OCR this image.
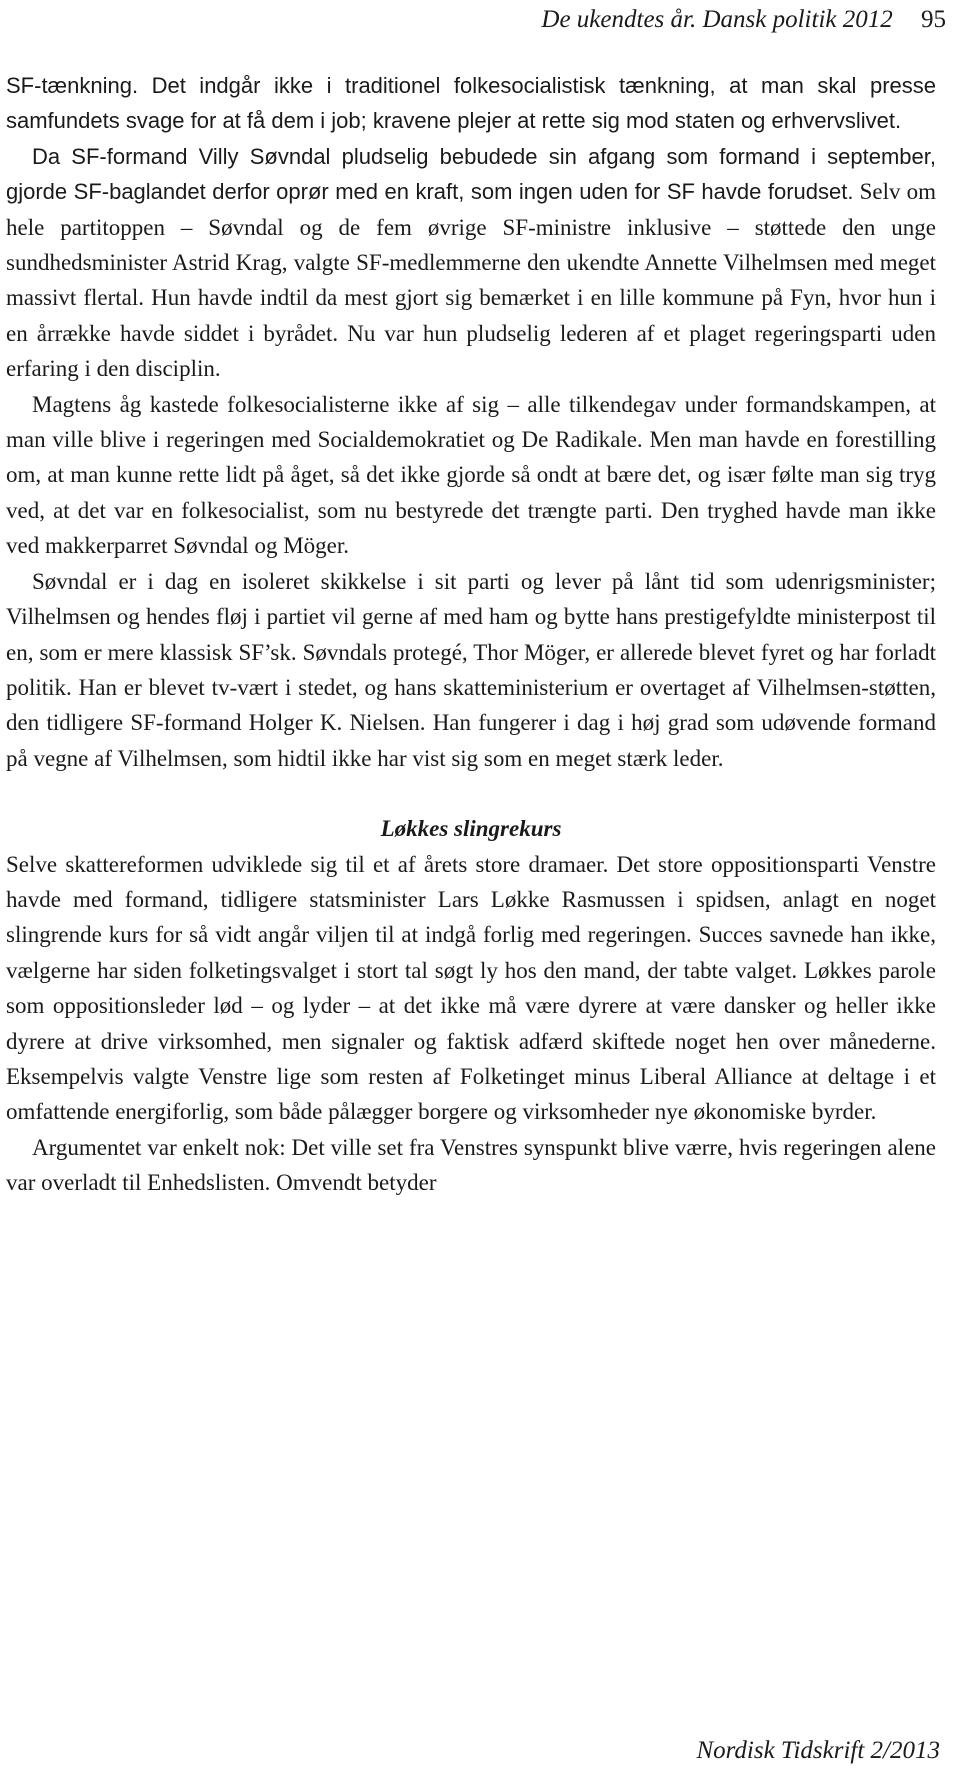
De ukendtes år. Dansk politik 2012 95

SF-tænkning. Det indgår ikke i traditionel folkesocialistisk tænkning, at man skal presse samfundets svage for at få dem i job; kravene plejer at rette sig mod staten og erhvervslivet.

Da SF-formand Villy Søvndal pludselig bebudede sin afgang som formand i september, gjorde SF-baglandet derfor oprør med en kraft, som ingen uden for SF havde forudset. Selv om hele partitoppen – Søvndal og de fem øvrige SF-ministre inklusive – støttede den unge sundhedsminister Astrid Krag, valgte SF-medlemmerne den ukendte Annette Vilhelmsen med meget massivt flertal. Hun havde indtil da mest gjort sig bemærket i en lille kommune på Fyn, hvor hun i en årrække havde siddet i byrådet. Nu var hun pludselig lederen af et plaget regeringsparti uden erfaring i den disciplin.

Magtens åg kastede folkesocialisterne ikke af sig – alle tilkendegav under formandskampen, at man ville blive i regeringen med Socialdemokratiet og De Radikale. Men man havde en forestilling om, at man kunne rette lidt på åget, så det ikke gjorde så ondt at bære det, og især følte man sig tryg ved, at det var en folkesocialist, som nu bestyrede det trængte parti. Den tryghed havde man ikke ved makkerparret Søvndal og Möger.

Søvndal er i dag en isoleret skikkelse i sit parti og lever på lånt tid som udenrigsminister; Vilhelmsen og hendes fløj i partiet vil gerne af med ham og bytte hans prestigefyldte ministerpost til en, som er mere klassisk SF’sk. Søvndals protegé, Thor Möger, er allerede blevet fyret og har forladt politik. Han er blevet tv-vært i stedet, og hans skatteministerium er overtaget af Vilhelmsen-støtten, den tidligere SF-formand Holger K. Nielsen. Han fungerer i dag i høj grad som udøvende formand på vegne af Vilhelmsen, som hidtil ikke har vist sig som en meget stærk leder.

Løkkes slingrekurs

Selve skattereformen udviklede sig til et af årets store dramaer. Det store oppositionsparti Venstre havde med formand, tidligere statsminister Lars Løkke Rasmussen i spidsen, anlagt en noget slingrende kurs for så vidt angår viljen til at indgå forlig med regeringen. Succes savnede han ikke, vælgerne har siden folketingsvalget i stort tal søgt ly hos den mand, der tabte valget. Løkkes parole som oppositionsleder lød – og lyder – at det ikke må være dyrere at være dansker og heller ikke dyrere at drive virksomhed, men signaler og faktisk adfærd skiftede noget hen over månederne. Eksempelvis valgte Venstre lige som resten af Folketinget minus Liberal Alliance at deltage i et omfattende energiforlig, som både pålægger borgere og virksomheder nye økonomiske byrder.

Argumentet var enkelt nok: Det ville set fra Venstres synspunkt blive værre, hvis regeringen alene var overladt til Enhedslisten. Omvendt betyder

Nordisk Tidskrift 2/2013
